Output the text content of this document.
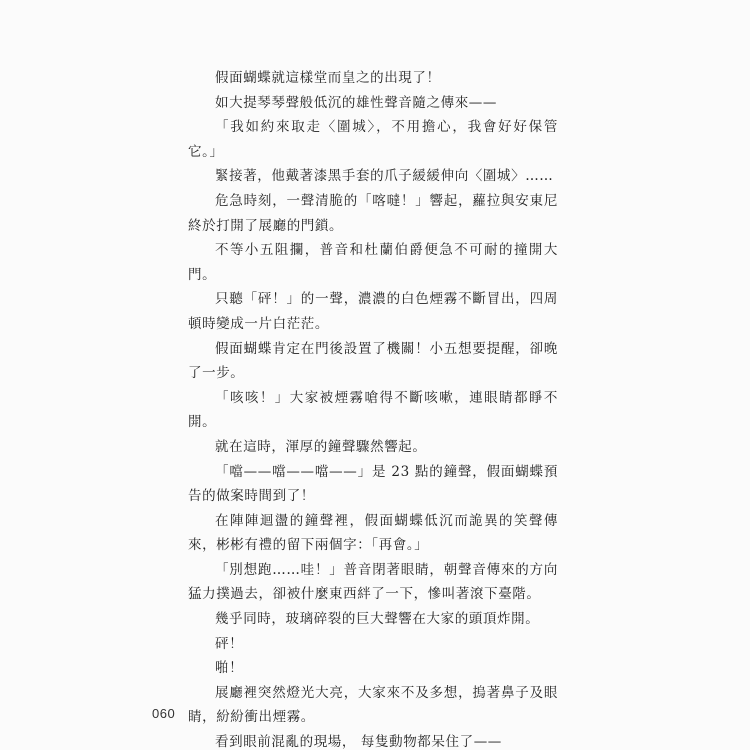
假面蝴蝶就這樣堂而皇之的出現了！

如大提琴琴聲般低沉的雄性聲音隨之傳來——

「我如約來取走〈圍城〉，不用擔心，我會好好保管它。」

緊接著，他戴著漆黑手套的爪子緩緩伸向〈圍城〉……

危急時刻，一聲清脆的「喀噠！」響起，蘿拉與安東尼終於打開了展廳的門鎖。

不等小五阻攔，普音和杜蘭伯爵便急不可耐的撞開大門。

只聽「砰！」的一聲，濃濃的白色煙霧不斷冒出，四周頓時變成一片白茫茫。

假面蝴蝶肯定在門後設置了機關！小五想要提醒，卻晚了一步。

「咳咳！」大家被煙霧嗆得不斷咳嗽，連眼睛都睜不開。

就在這時，渾厚的鐘聲驟然響起。

「噹——噹——噹——」是 23 點的鐘聲，假面蝴蝶預告的做案時間到了！

在陣陣迴盪的鐘聲裡，假面蝴蝶低沉而詭異的笑聲傳來，彬彬有禮的留下兩個字：「再會。」

「別想跑……哇！」普音閉著眼睛，朝聲音傳來的方向猛力撲過去，卻被什麼東西絆了一下，慘叫著滾下臺階。

幾乎同時，玻璃碎裂的巨大聲響在大家的頭頂炸開。

砰！

啪！

展廳裡突然燈光大亮，大家來不及多想，摀著鼻子及眼睛，紛紛衝出煙霧。

看到眼前混亂的現場， 每隻動物都呆住了——

060
